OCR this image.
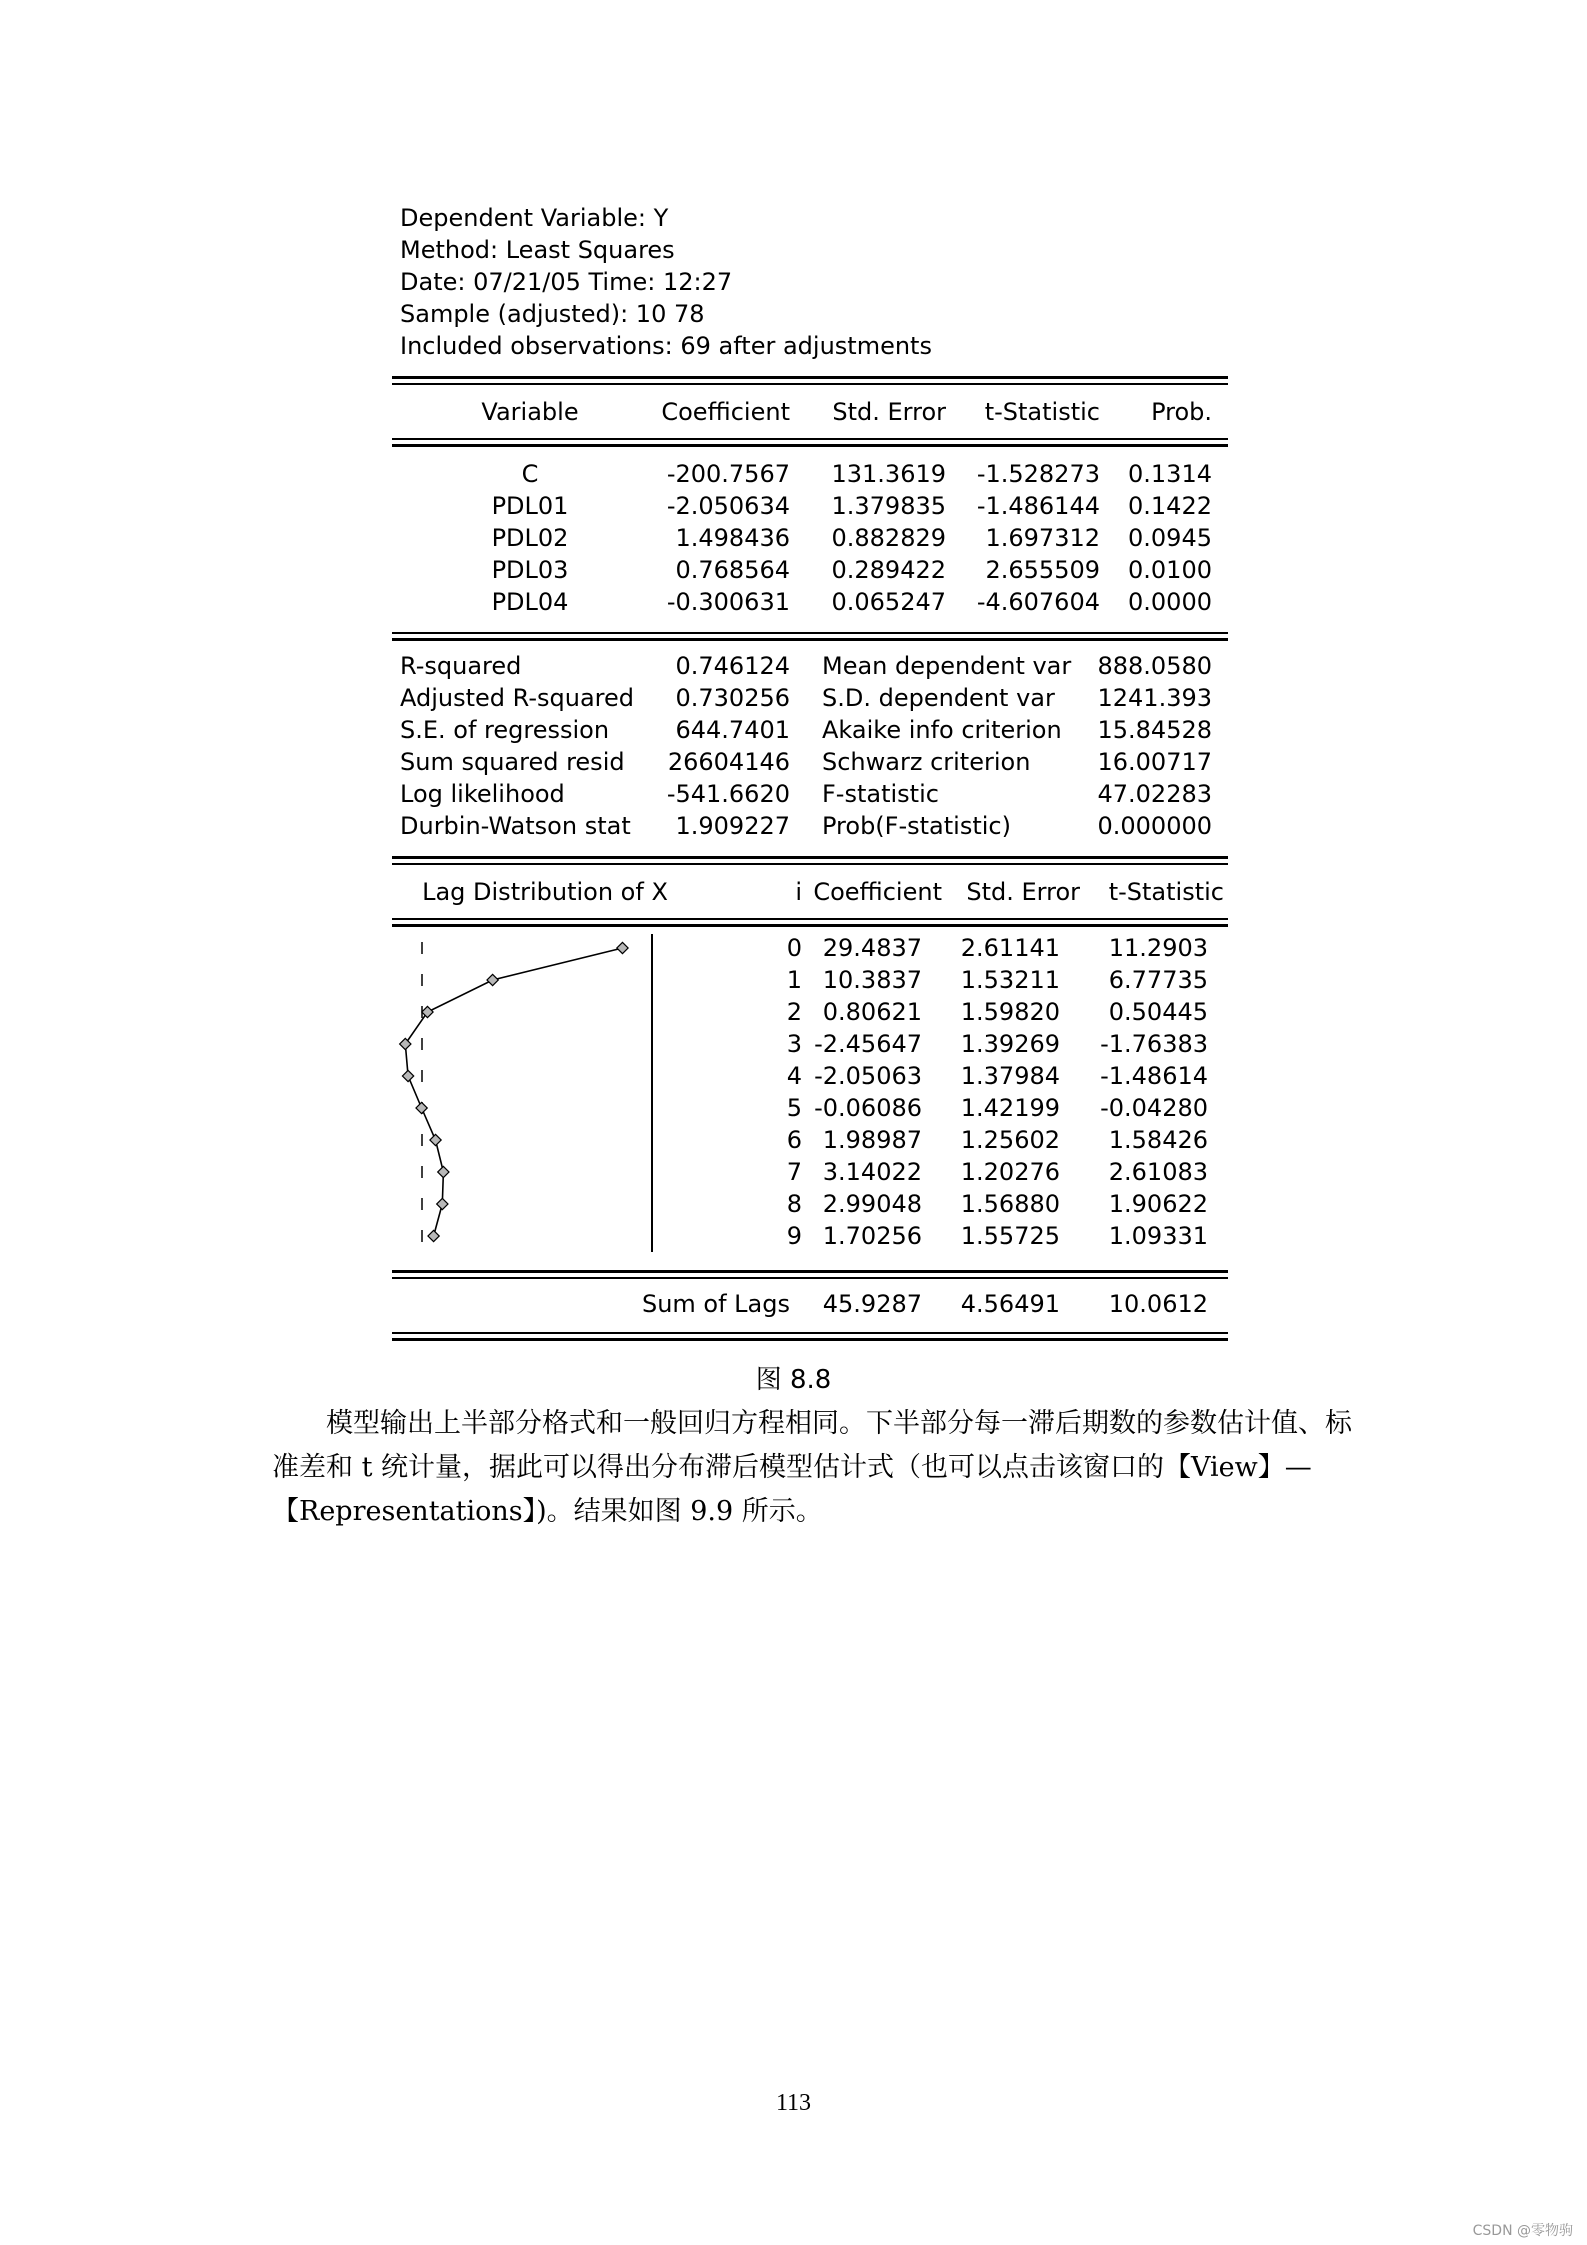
Dependent Variable: Y
Method: Least Squares
Date: 07/21/05 Time: 12:27
Sample (adjusted): 10 78
Included observations: 69 after adjustments
Variable	Coefficient	Std. Error	t-Statistic	Prob.
C	-200.7567	131.3619	-1.528273	0.1314
PDL01	-2.050634	1.379835	-1.486144	0.1422
PDL02	1.498436	0.882829	1.697312	0.0945
PDL03	0.768564	0.289422	2.655509	0.0100
PDL04	-0.300631	0.065247	-4.607604	0.0000
R-squared	0.746124 Mean dependent var	888.0580
Adjusted R-squared	0.730256 S.D. dependent var	1241.393
S.E. of regression	644.7401 Akaike info criterion	15.84528
Sum squared resid	26604146 Schwarz criterion	16.00717
Log likelihood	-541.6620 F-statistic	47.02283
Durbin-Watson stat	1.909227 Prob(F-statistic)	0.000000
Lag Distribution of X	i Coefficient	Std. Error	t-Statistic
0 29.4837	2.61141	11.2903
1 10.3837	1.53211	6.77735
2 0.80621	1.59820	0.50445
3 -2.45647	1.39269	-1.76383
4 -2.05063	1.37984	-1.48614
5 -0.06086	1.42199	-0.04280
6 1.98987	1.25602	1.58426
7 3.14022	1.20276	2.61083
8 2.99048	1.56880	1.90622
9 1.70256	1.55725	1.09331
Sum of Lags	45.9287	4.56491	10.0612
图 8.8

模型输出上半部分格式和一般回归方程相同。下半部分每一滞后期数的参数估计值、标准差和 t 统计量，据此可以得出分布滞后模型估计式（也可以点击该窗口的【View】—【Representations】)。结果如图 9.9 所示。

113
CSDN @零物驹
